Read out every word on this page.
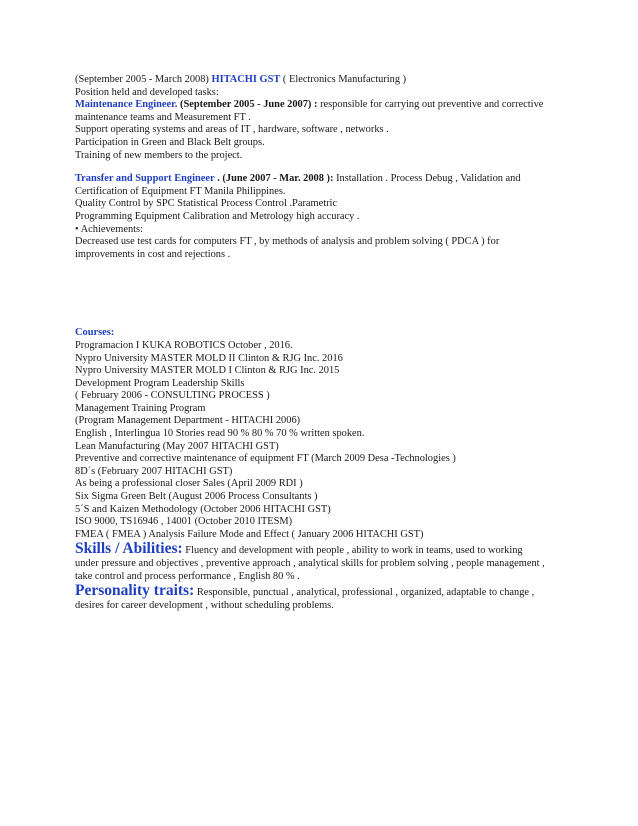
(September 2005 - March 2008) HITACHI GST ( Electronics Manufacturing )
Position held and developed tasks:
Maintenance Engineer. (September 2005 - June 2007) : responsible for carrying out preventive and corrective maintenance teams and Measurement FT .
Support operating systems and areas of IT , hardware, software , networks .
Participation in Green and Black Belt groups.
Training of new members to the project.
Transfer and Support Engineer . (June 2007 - Mar. 2008 ): Installation . Process Debug , Validation and Certification of Equipment FT Manila Philippines.
Quality Control by SPC Statistical Process Control .Parametric
Programming Equipment Calibration and Metrology high accuracy .
• Achievements:
Decreased use test cards for computers FT , by methods of analysis and problem solving ( PDCA ) for improvements in cost and rejections .
Courses:
Programacion I KUKA ROBOTICS October , 2016.
Nypro University MASTER MOLD II Clinton & RJG Inc. 2016
Nypro University MASTER MOLD I Clinton & RJG Inc. 2015
Development Program Leadership Skills
( February 2006 - CONSULTING PROCESS )
Management Training Program
(Program Management Department - HITACHI 2006)
English , Interlingua 10 Stories read 90 % 80 % 70 % written spoken.
Lean Manufacturing (May 2007 HITACHI GST)
Preventive and corrective maintenance of equipment FT (March 2009 Desa -Technologies )
8D´s (February 2007 HITACHI GST)
As being a professional closer Sales (April 2009 RDI )
Six Sigma Green Belt (August 2006 Process Consultants )
5´S and Kaizen Methodology (October 2006 HITACHI GST)
ISO 9000, TS16946 , 14001 (October 2010 ITESM)
FMEA ( FMEA ) Analysis Failure Mode and Effect ( January 2006 HITACHI GST)
Skills / Abilities: Fluency and development with people , ability to work in teams, used to working under pressure and objectives , preventive approach , analytical skills for problem solving , people management , take control and process performance , English 80 % .
Personality traits: Responsible, punctual , analytical, professional , organized, adaptable to change , desires for career development , without scheduling problems.
